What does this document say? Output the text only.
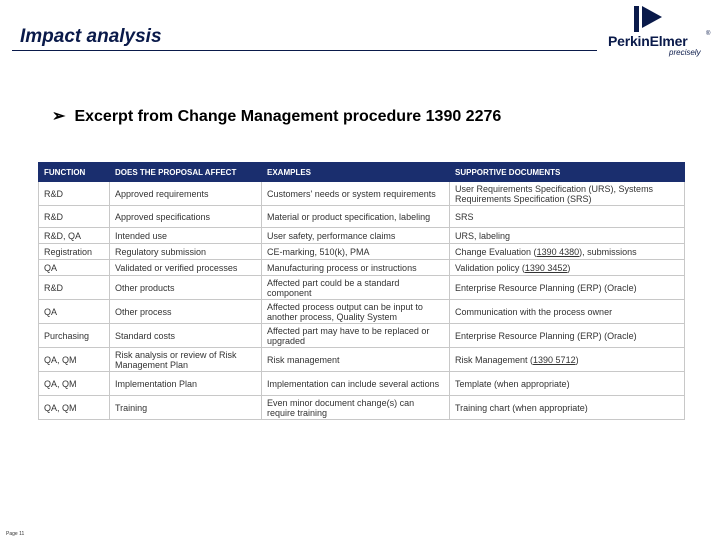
Impact analysis	PerkinElmer	®
precisely
➢ Excerpt from Change Management procedure 1390 2276
FUNCTION	DOES THE PROPOSAL AFFECT	EXAMPLES	SUPPORTIVE DOCUMENTS
R&D	Approved requirements	Customers' needs or system requirements	User Requirements Specification (URS), Systems Requirements Specification (SRS)
R&D	Approved specifications	Material or product specification, labeling	SRS
R&D, QA	Intended use	User safety, performance claims	URS, labeling
Registration	Regulatory submission	CE-marking, 510(k), PMA	Change Evaluation (1390 4380), submissions
QA	Validated or verified processes	Manufacturing process or instructions	Validation policy (1390 3452)
R&D	Other products	Affected part could be a standard component	Enterprise Resource Planning (ERP) (Oracle)
QA	Other process	Affected process output can be input to another process, Quality System	Communication with the process owner
Purchasing	Standard costs	Affected part may have to be replaced or upgraded	Enterprise Resource Planning (ERP) (Oracle)
QA, QM	Risk analysis or review of Risk Management Plan	Risk management	Risk Management (1390 5712)
QA, QM	Implementation Plan	Implementation can include several actions	Template (when appropriate)
QA, QM	Training	Even minor document change(s) can require training	Training chart (when appropriate)
Page 11
